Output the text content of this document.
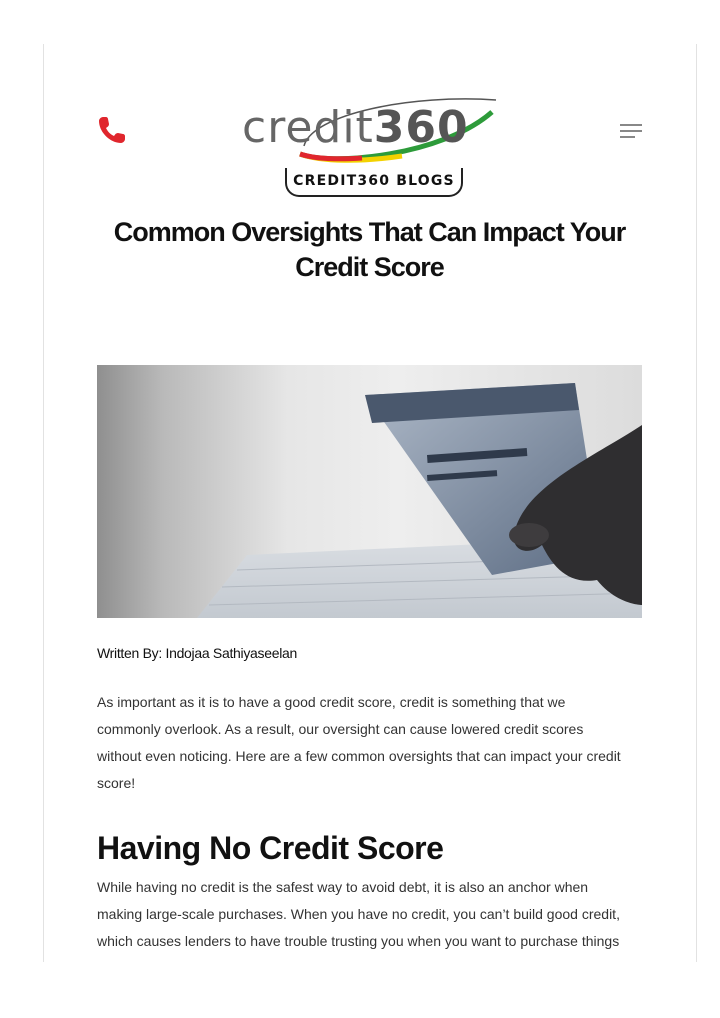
credit360
CREDIT360 BLOGS
Common Oversights That Can Impact Your
Credit Score
Written By: Indojaa Sathiyaseelan
As important as it is to have a good credit score, credit is something that we
commonly overlook. As a result, our oversight can cause lowered credit scores
without even noticing. Here are a few common oversights that can impact your credit
score!
Having No Credit Score
While having no credit is the safest way to avoid debt, it is also an anchor when
making large-scale purchases. When you have no credit, you can’t build good credit,
which causes lenders to have trouble trusting you when you want to purchase things
